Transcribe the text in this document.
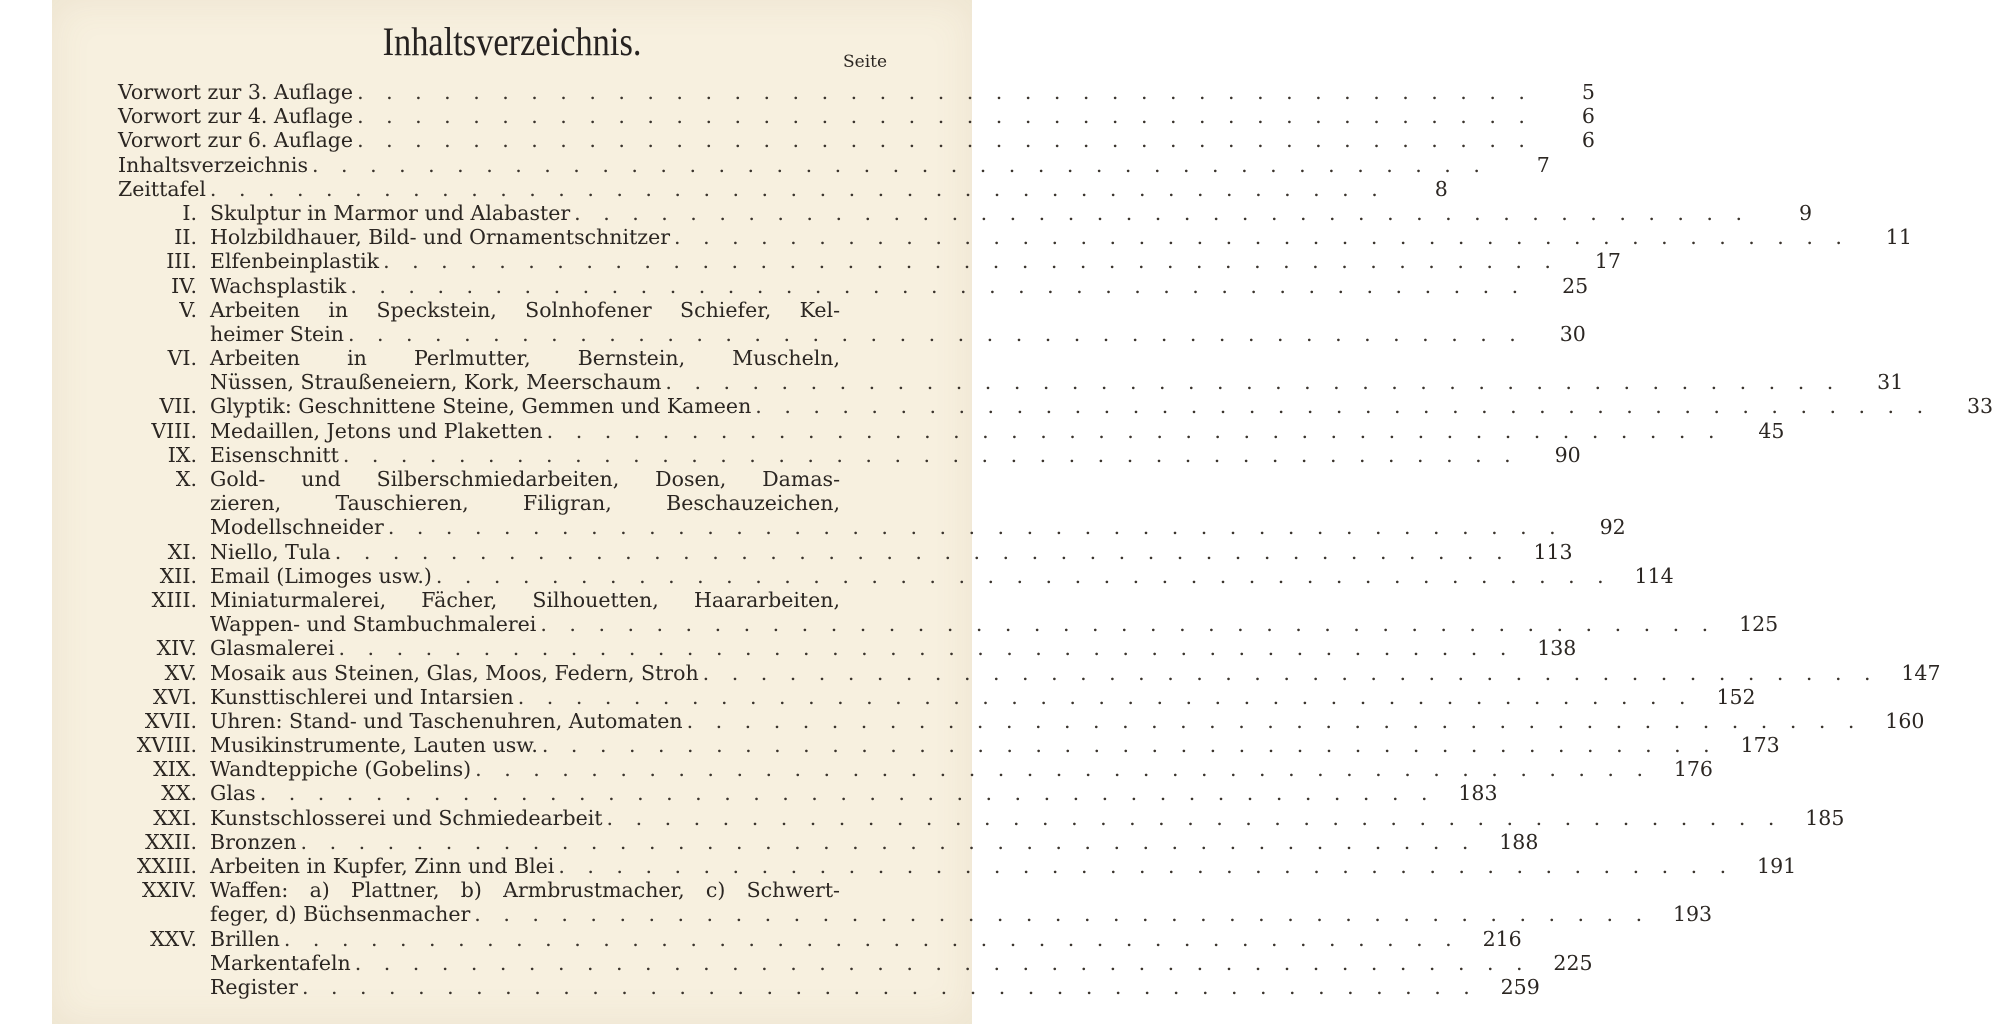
Inhaltsverzeichnis.	Seite
Vorwort zur 3. Auflage . . . . . . . . . . . . . . . . . . . . . . . . . . . . . . . . . . . . . . . . .	5
Vorwort zur 4. Auflage . . . . . . . . . . . . . . . . . . . . . . . . . . . . . . . . . . . . . . . . .	6
Vorwort zur 6. Auflage . . . . . . . . . . . . . . . . . . . . . . . . . . . . . . . . . . . . . . . . .	6
Inhaltsverzeichnis . . . . . . . . . . . . . . . . . . . . . . . . . . . . . . . . . . . . . . . . .	7
Zeittafel . . . . . . . . . . . . . . . . . . . . . . . . . . . . . . . . . . . . . . . . .	8
I. Skulptur in Marmor und Alabaster . . . . . . . . . . . . . . . . . . . . . . . . . . . . . . . . . . . . . . . . .	9
II. Holzbildhauer, Bild- und Ornamentschnitzer . . . . . . . . . . . . . . . . . . . . . . . . . . . . . . . . . . . . . . . . .	11
III. Elfenbeinplastik . . . . . . . . . . . . . . . . . . . . . . . . . . . . . . . . . . . . . . . . .	17
IV. Wachsplastik . . . . . . . . . . . . . . . . . . . . . . . . . . . . . . . . . . . . . . . . .	25
V. Arbeiten in Speckstein, Solnhofener Schiefer, Kel-
heimer Stein . . . . . . . . . . . . . . . . . . . . . . . . . . . . . . . . . . . . . . . . .	30
VI. Arbeiten in Perlmutter, Bernstein, Muscheln,
Nüssen, Straußeneiern, Kork, Meerschaum . . . . . . . . . . . . . . . . . . . . . . . . . . . . . . . . . . . . . . . . .	31
VII. Glyptik: Geschnittene Steine, Gemmen und Kameen . . . . . . . . . . . . . . . . . . . . . . . . . . . . . . . . . . . . . . . . .	33
VIII. Medaillen, Jetons und Plaketten . . . . . . . . . . . . . . . . . . . . . . . . . . . . . . . . . . . . . . . . .	45
IX. Eisenschnitt . . . . . . . . . . . . . . . . . . . . . . . . . . . . . . . . . . . . . . . . .	90
X. Gold- und Silberschmiedarbeiten, Dosen, Damas-
zieren, Tauschieren, Filigran, Beschauzeichen,
Modellschneider . . . . . . . . . . . . . . . . . . . . . . . . . . . . . . . . . . . . . . . . .	92
XI. Niello, Tula . . . . . . . . . . . . . . . . . . . . . . . . . . . . . . . . . . . . . . . . .	113
XII. Email (Limoges usw.) . . . . . . . . . . . . . . . . . . . . . . . . . . . . . . . . . . . . . . . . .	114
XIII. Miniaturmalerei, Fächer, Silhouetten, Haararbeiten,
Wappen- und Stambuchmalerei . . . . . . . . . . . . . . . . . . . . . . . . . . . . . . . . . . . . . . . . .	125
XIV. Glasmalerei . . . . . . . . . . . . . . . . . . . . . . . . . . . . . . . . . . . . . . . . .	138
XV. Mosaik aus Steinen, Glas, Moos, Federn, Stroh . . . . . . . . . . . . . . . . . . . . . . . . . . . . . . . . . . . . . . . . .	147
XVI. Kunsttischlerei und Intarsien . . . . . . . . . . . . . . . . . . . . . . . . . . . . . . . . . . . . . . . . .	152
XVII. Uhren: Stand- und Taschenuhren, Automaten . . . . . . . . . . . . . . . . . . . . . . . . . . . . . . . . . . . . . . . . .	160
XVIII. Musikinstrumente, Lauten usw. . . . . . . . . . . . . . . . . . . . . . . . . . . . . . . . . . . . . . . . . .	173
XIX. Wandteppiche (Gobelins) . . . . . . . . . . . . . . . . . . . . . . . . . . . . . . . . . . . . . . . . .	176
XX. Glas . . . . . . . . . . . . . . . . . . . . . . . . . . . . . . . . . . . . . . . . .	183
XXI. Kunstschlosserei und Schmiedearbeit . . . . . . . . . . . . . . . . . . . . . . . . . . . . . . . . . . . . . . . . .	185
XXII. Bronzen . . . . . . . . . . . . . . . . . . . . . . . . . . . . . . . . . . . . . . . . .	188
XXIII. Arbeiten in Kupfer, Zinn und Blei . . . . . . . . . . . . . . . . . . . . . . . . . . . . . . . . . . . . . . . . .	191
XXIV. Waffen: a) Plattner, b) Armbrustmacher, c) Schwert-
feger, d) Büchsenmacher . . . . . . . . . . . . . . . . . . . . . . . . . . . . . . . . . . . . . . . . .	193
XXV. Brillen . . . . . . . . . . . . . . . . . . . . . . . . . . . . . . . . . . . . . . . . .	216
Markentafeln . . . . . . . . . . . . . . . . . . . . . . . . . . . . . . . . . . . . . . . . .	225
Register . . . . . . . . . . . . . . . . . . . . . . . . . . . . . . . . . . . . . . . . .	259
